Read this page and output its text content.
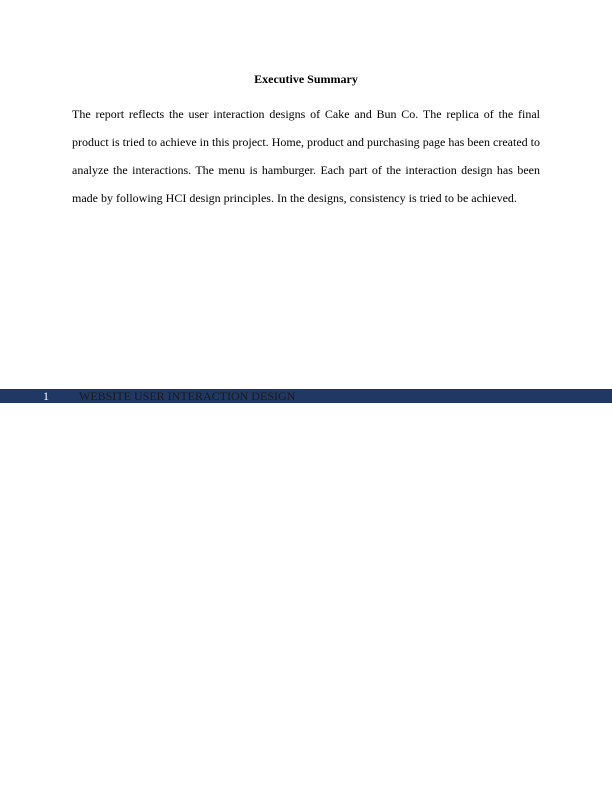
Executive Summary

The report reflects the user interaction designs of Cake and Bun Co. The replica of the final product is tried to achieve in this project. Home, product and purchasing page has been created to analyze the interactions. The menu is hamburger. Each part of the interaction design has been made by following HCI design principles. In the designs, consistency is tried to be achieved.

1	WEBSITE USER INTERACTION DESIGN
